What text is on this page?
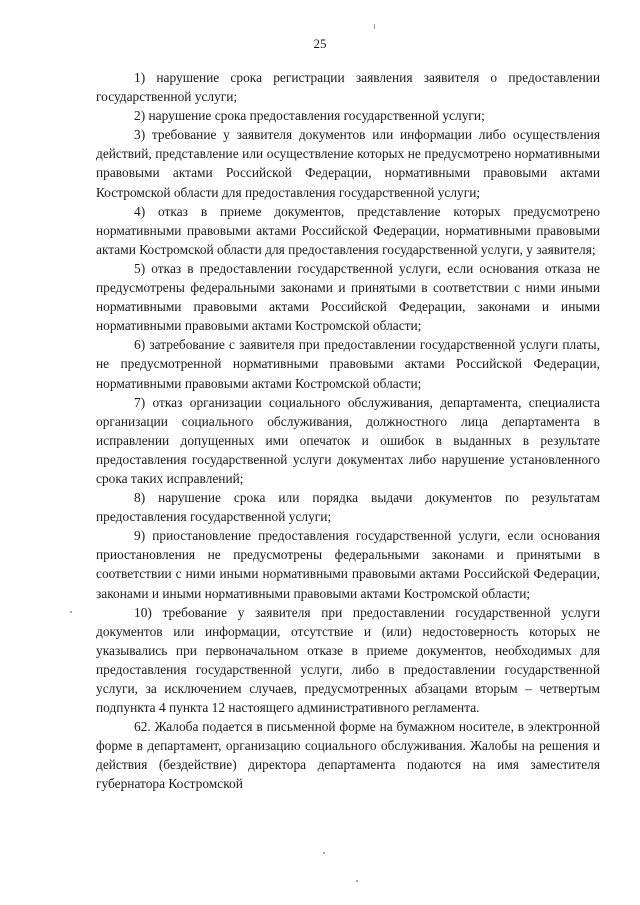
25

1) нарушение срока регистрации заявления заявителя о предоставлении государственной услуги;

2) нарушение срока предоставления государственной услуги;

3) требование у заявителя документов или информации либо осуществления действий, представление или осуществление которых не предусмотрено нормативными правовыми актами Российской Федерации, нормативными правовыми актами Костромской области для предоставления государственной услуги;

4) отказ в приеме документов, представление которых предусмотрено нормативными правовыми актами Российской Федерации, нормативными правовыми актами Костромской области для предоставления государственной услуги, у заявителя;

5) отказ в предоставлении государственной услуги, если основания отказа не предусмотрены федеральными законами и принятыми в соответствии с ними иными нормативными правовыми актами Российской Федерации, законами и иными нормативными правовыми актами Костромской области;

6) затребование с заявителя при предоставлении государственной услуги платы, не предусмотренной нормативными правовыми актами Российской Федерации, нормативными правовыми актами Костромской области;

7) отказ организации социального обслуживания, департамента, специалиста организации социального обслуживания, должностного лица департамента в исправлении допущенных ими опечаток и ошибок в выданных в результате предоставления государственной услуги документах либо нарушение установленного срока таких исправлений;

8) нарушение срока или порядка выдачи документов по результатам предоставления государственной услуги;

9) приостановление предоставления государственной услуги, если основания приостановления не предусмотрены федеральными законами и принятыми в соответствии с ними иными нормативными правовыми актами Российской Федерации, законами и иными нормативными правовыми актами Костромской области;

10) требование у заявителя при предоставлении государственной услуги документов или информации, отсутствие и (или) недостоверность которых не указывались при первоначальном отказе в приеме документов, необходимых для предоставления государственной услуги, либо в предоставлении государственной услуги, за исключением случаев, предусмотренных абзацами вторым – четвертым подпункта 4 пункта 12 настоящего административного регламента.

62. Жалоба подается в письменной форме на бумажном носителе, в электронной форме в департамент, организацию социального обслуживания. Жалобы на решения и действия (бездействие) директора департамента подаются на имя заместителя губернатора Костромской
